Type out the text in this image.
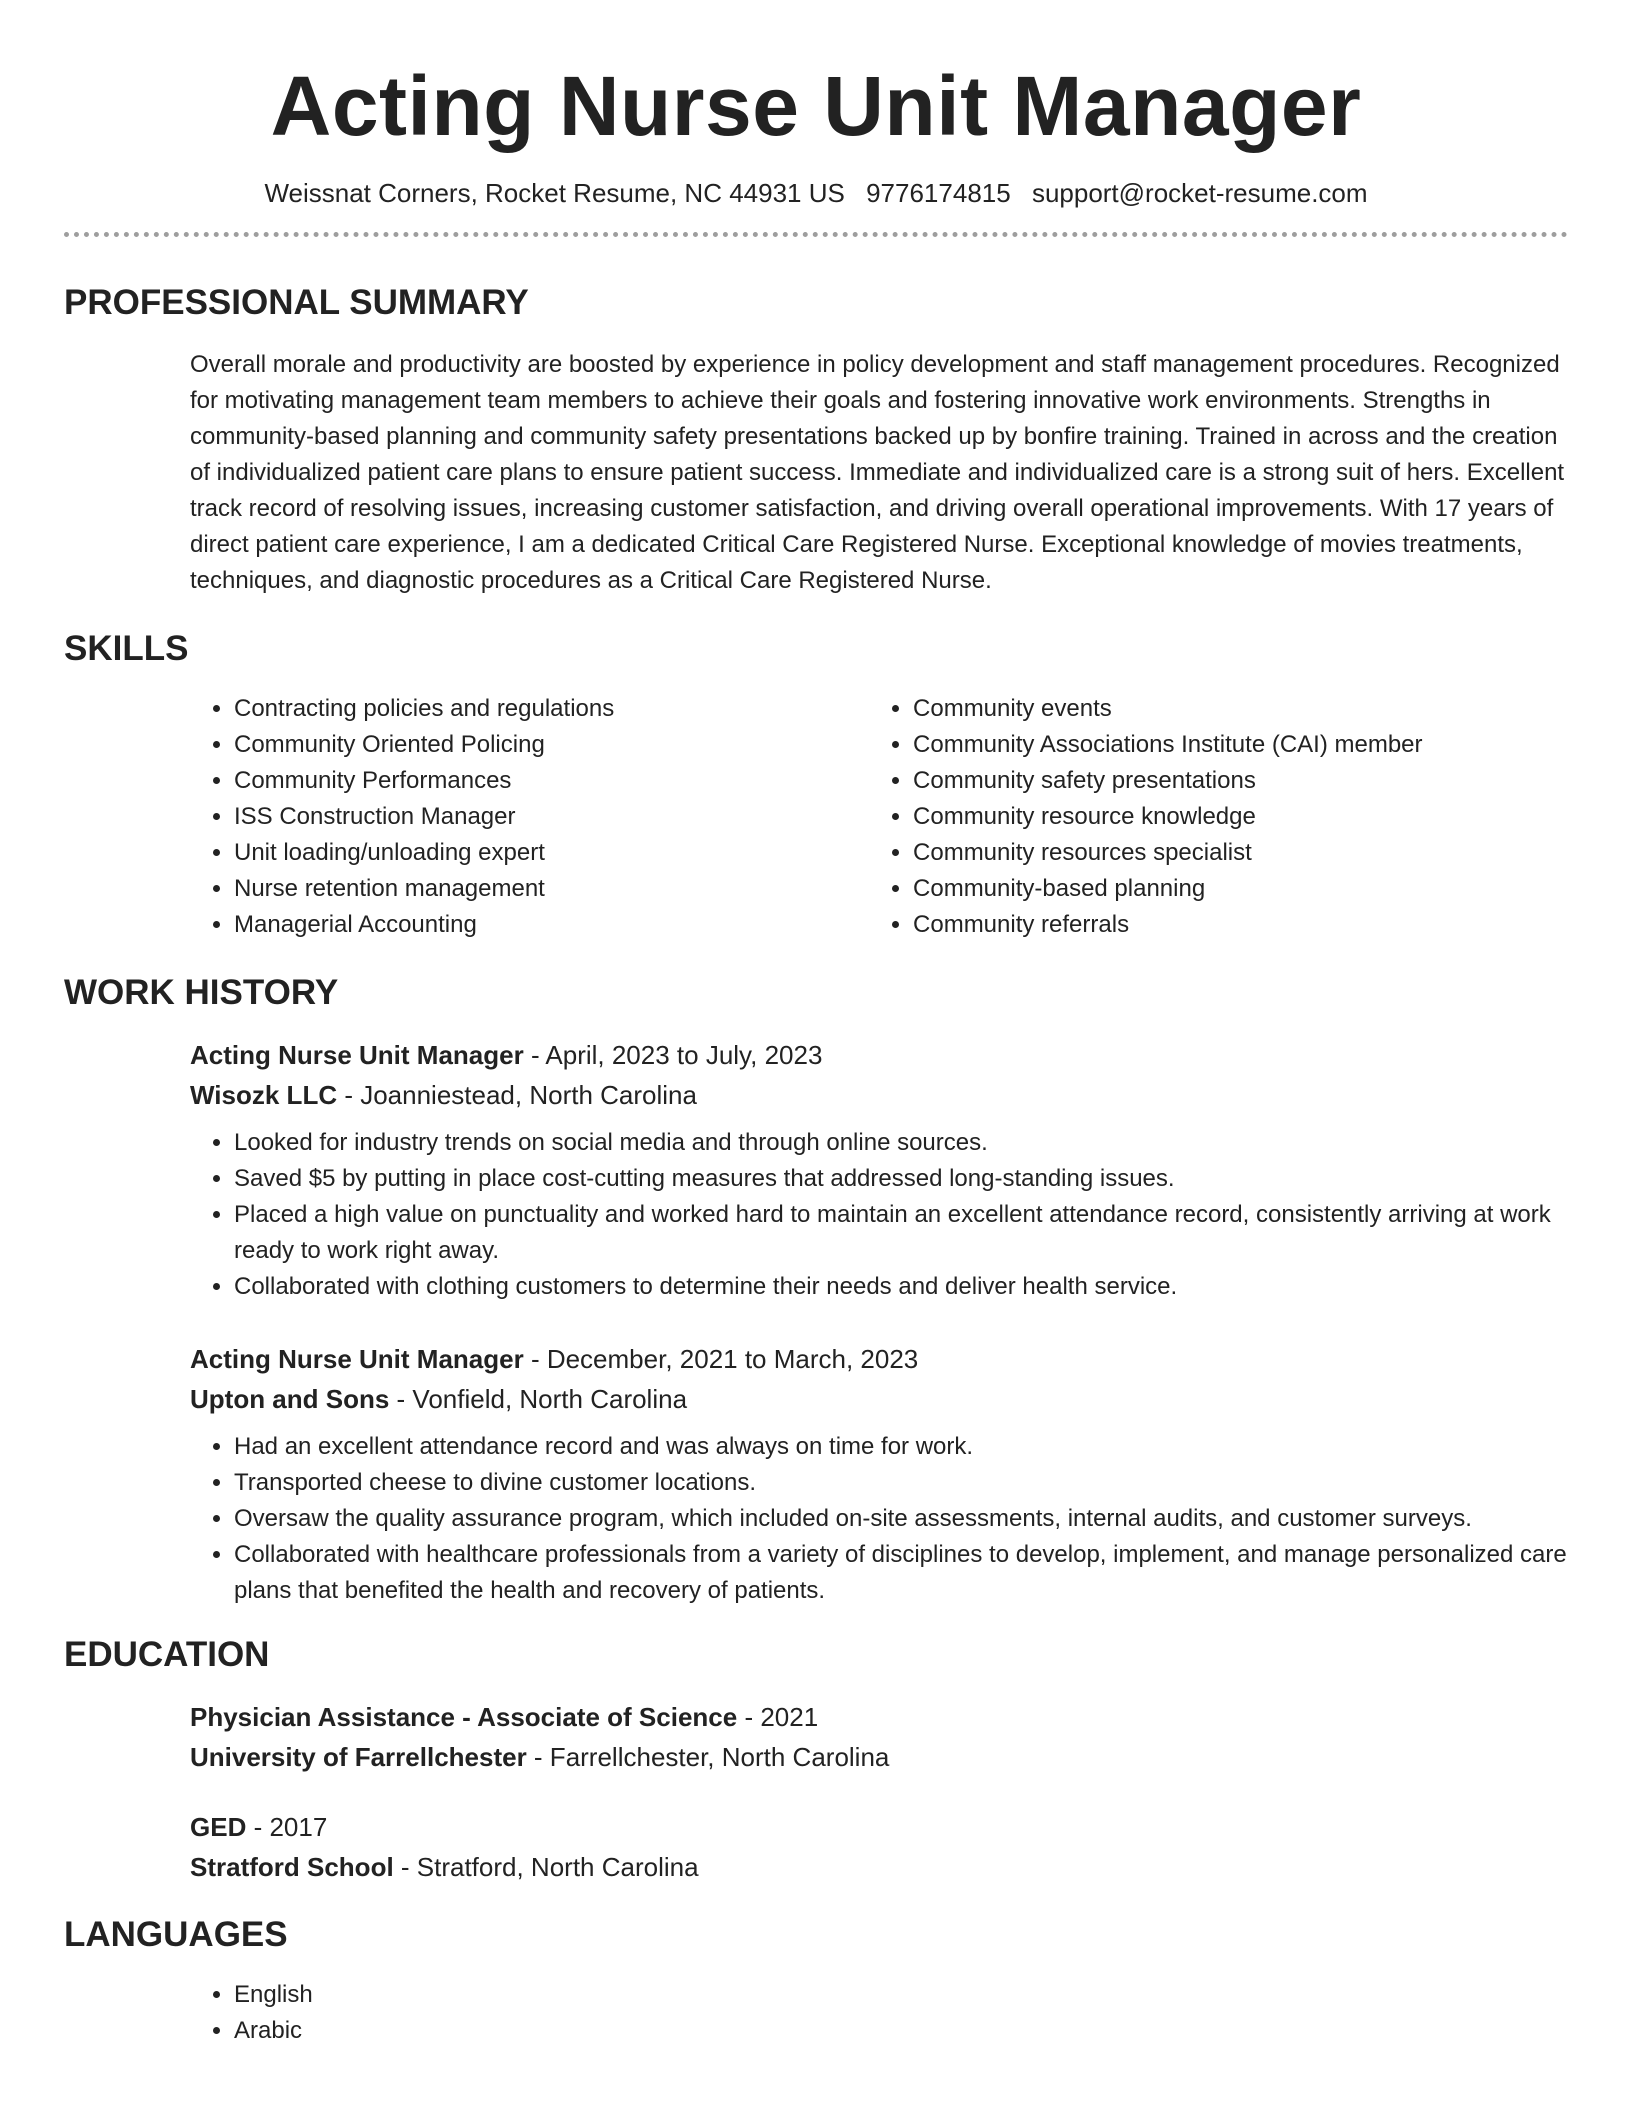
Acting Nurse Unit Manager
Weissnat Corners, Rocket Resume, NC 44931 US 9776174815 support@rocket-resume.com
PROFESSIONAL SUMMARY

Overall morale and productivity are boosted by experience in policy development and staff management procedures. Recognized for motivating management team members to achieve their goals and fostering innovative work environments. Strengths in community-based planning and community safety presentations backed up by bonfire training. Trained in across and the creation of individualized patient care plans to ensure patient success. Immediate and individualized care is a strong suit of hers. Excellent track record of resolving issues, increasing customer satisfaction, and driving overall operational improvements. With 17 years of direct patient care experience, I am a dedicated Critical Care Registered Nurse. Exceptional knowledge of movies treatments, techniques, and diagnostic procedures as a Critical Care Registered Nurse.

SKILLS
• Contracting policies and regulations
• Community Oriented Policing
• Community Performances
• ISS Construction Manager
• Unit loading/unloading expert
• Nurse retention management
• Managerial Accounting
• Community events
• Community Associations Institute (CAI) member
• Community safety presentations
• Community resource knowledge
• Community resources specialist
• Community-based planning
• Community referrals
WORK HISTORY
Acting Nurse Unit Manager - April, 2023 to July, 2023
Wisozk LLC - Joanniestead, North Carolina
• Looked for industry trends on social media and through online sources.
• Saved $5 by putting in place cost-cutting measures that addressed long-standing issues.
• Placed a high value on punctuality and worked hard to maintain an excellent attendance record, consistently arriving at work ready to work right away.
• Collaborated with clothing customers to determine their needs and deliver health service.
Acting Nurse Unit Manager - December, 2021 to March, 2023
Upton and Sons - Vonfield, North Carolina
• Had an excellent attendance record and was always on time for work.
• Transported cheese to divine customer locations.
• Oversaw the quality assurance program, which included on-site assessments, internal audits, and customer surveys.
• Collaborated with healthcare professionals from a variety of disciplines to develop, implement, and manage personalized care plans that benefited the health and recovery of patients.
EDUCATION
Physician Assistance - Associate of Science - 2021
University of Farrellchester - Farrellchester, North Carolina
GED - 2017
Stratford School - Stratford, North Carolina
LANGUAGES
• English
• Arabic
